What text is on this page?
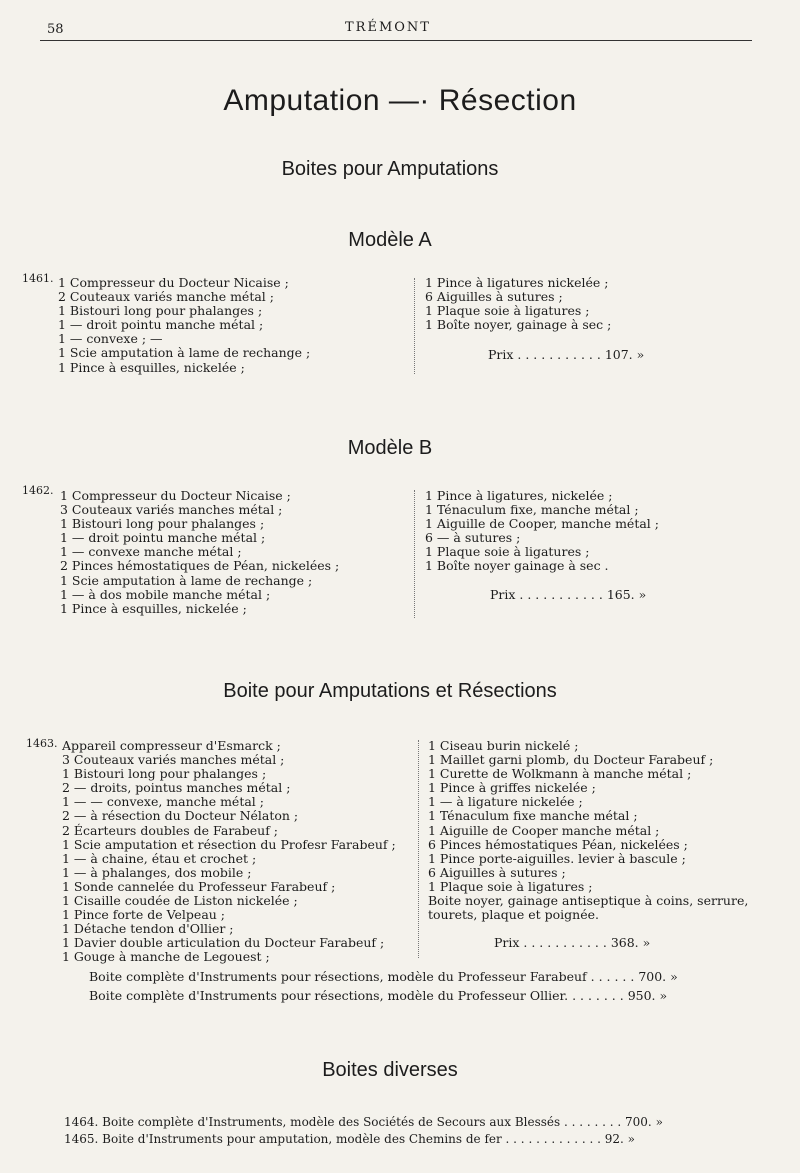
58	TRÉMONT
Amputation —· Résection
Boites pour Amputations
Modèle A
1461. 1 Compresseur du Docteur Nicaise ;
2 Couteaux variés manche métal ;
1 Bistouri long pour phalanges ;
1 — droit pointu manche métal ;
1 — convexe ; —
1 Scie amputation à lame de rechange ;
1 Pince à esquilles, nickelée ;
1 Pince à ligatures nickelée ;
6 Aiguilles à sutures ;
1 Plaque soie à ligatures ;
1 Boîte noyer, gainage à sec ;
Prix . . . . . . . . . . . 107. »
Modèle B
1462. 1 Compresseur du Docteur Nicaise ;
3 Couteaux variés manches métal ;
1 Bistouri long pour phalanges ;
1 — droit pointu manche métal ;
1 — convexe manche métal ;
2 Pinces hémostatiques de Péan, nickelées ;
1 Scie amputation à lame de rechange ;
1 — à dos mobile manche métal ;
1 Pince à esquilles, nickelée ;
1 Pince à ligatures, nickelée ;
1 Ténaculum fixe, manche métal ;
1 Aiguille de Cooper, manche métal ;
6 — à sutures ;
1 Plaque soie à ligatures ;
1 Boîte noyer gainage à sec .
Prix . . . . . . . . . . . 165. »
Boite pour Amputations et Résections
1463. Appareil compresseur d'Esmarck ;
3 Couteaux variés manches métal ;
1 Bistouri long pour phalanges ;
2 — droits, pointus manches métal ;
1 — — convexe, manche métal ;
2 — à résection du Docteur Nélaton ;
2 Écarteurs doubles de Farabeuf ;
1 Scie amputation et résection du Profesr Farabeuf ;
1 — à chaine, étau et crochet ;
1 — à phalanges, dos mobile ;
1 Sonde cannelée du Professeur Farabeuf ;
1 Cisaille coudée de Liston nickelée ;
1 Pince forte de Velpeau ;
1 Détache tendon d'Ollier ;
1 Davier double articulation du Docteur Farabeuf ;
1 Gouge à manche de Legouest ;
1 Ciseau burin nickelé ;
1 Maillet garni plomb, du Docteur Farabeuf ;
1 Curette de Wolkmann à manche métal ;
1 Pince à griffes nickelée ;
1 — à ligature nickelée ;
1 Ténaculum fixe manche métal ;
1 Aiguille de Cooper manche métal ;
6 Pinces hémostatiques Péan, nickelées ;
1 Pince porte-aiguilles. levier à bascule ;
6 Aiguilles à sutures ;
1 Plaque soie à ligatures ;
Boite noyer, gainage antiseptique à coins, serrure,
tourets, plaque et poignée.
Prix . . . . . . . . . . . 368. »
Boite complète d'Instruments pour résections, modèle du Professeur Farabeuf . . . . . . 700. »
Boite complète d'Instruments pour résections, modèle du Professeur Ollier. . . . . . . . 950. »
Boites diverses
1464. Boite complète d'Instruments, modèle des Sociétés de Secours aux Blessés . . . . . . . . 700. »
1465. Boite d'Instruments pour amputation, modèle des Chemins de fer . . . . . . . . . . . . . 92. »
